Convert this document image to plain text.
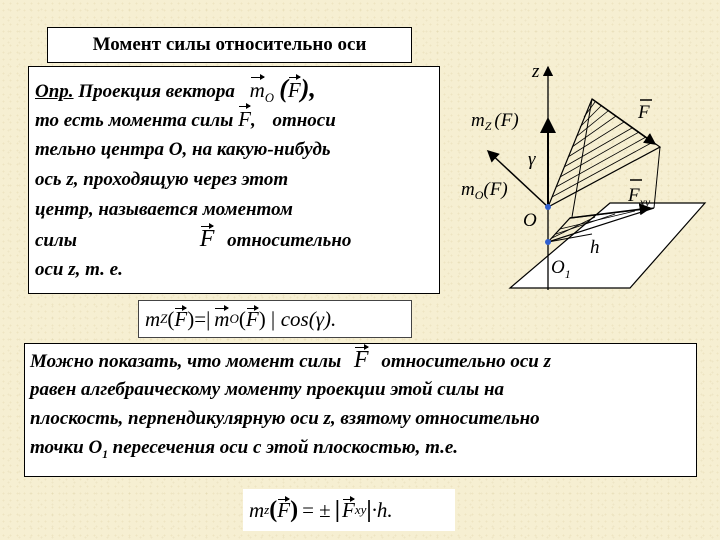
Момент силы относительно оси
Опр. Проекция вектора $m_O$ (F),
то есть момента силы F, относи
тельно центра O, на какую-нибудь
ось z, проходящую через этот
центр, называется моментом
силы	F относительно
оси z, т. е.
m Z ( F ) =| m O ( F ) | cos(γ).
z
$m_Z$ (F)
γ
$m_O(F)$
F
$F_{xy}$
O
h
$O_1$
Можно показать, что момент силы F относительно оси z
равен алгебраическому моменту проекции этой силы на
плоскость, перпендикулярную оси z, взятому относительно
точки $O_1$ пересечения оси с этой плоскостью, т.е.
m z ( F ) = ± | F xy | ·h.
